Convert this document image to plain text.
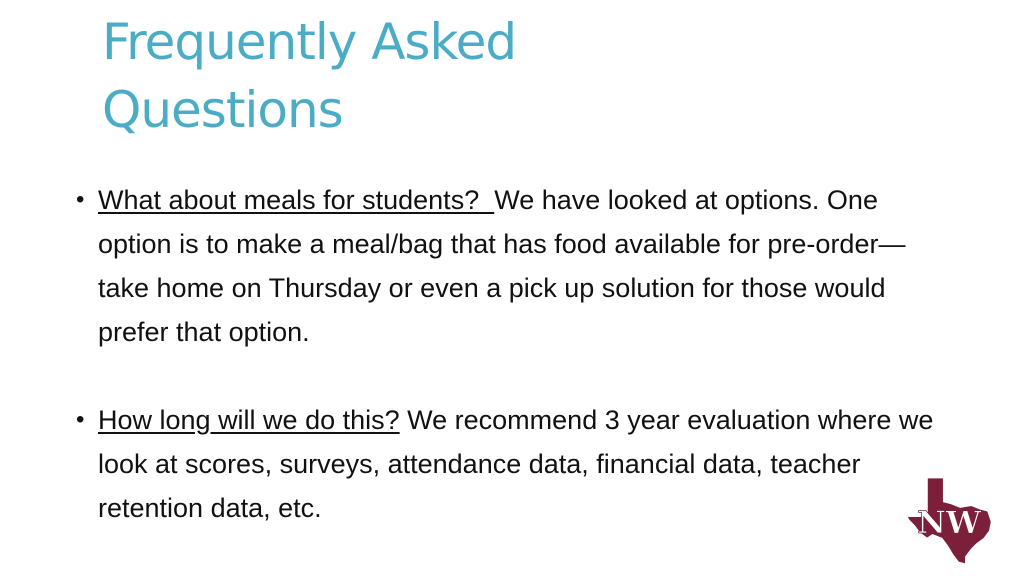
Frequently Asked
Questions
• What about meals for students?  We have looked at options. One option is to make a meal/bag that has food available for pre-order—take home on Thursday or even a pick up solution for those would prefer that option.
• How long will we do this? We recommend 3 year evaluation where we look at scores, surveys, attendance data, financial data, teacher retention data, etc.	NW
